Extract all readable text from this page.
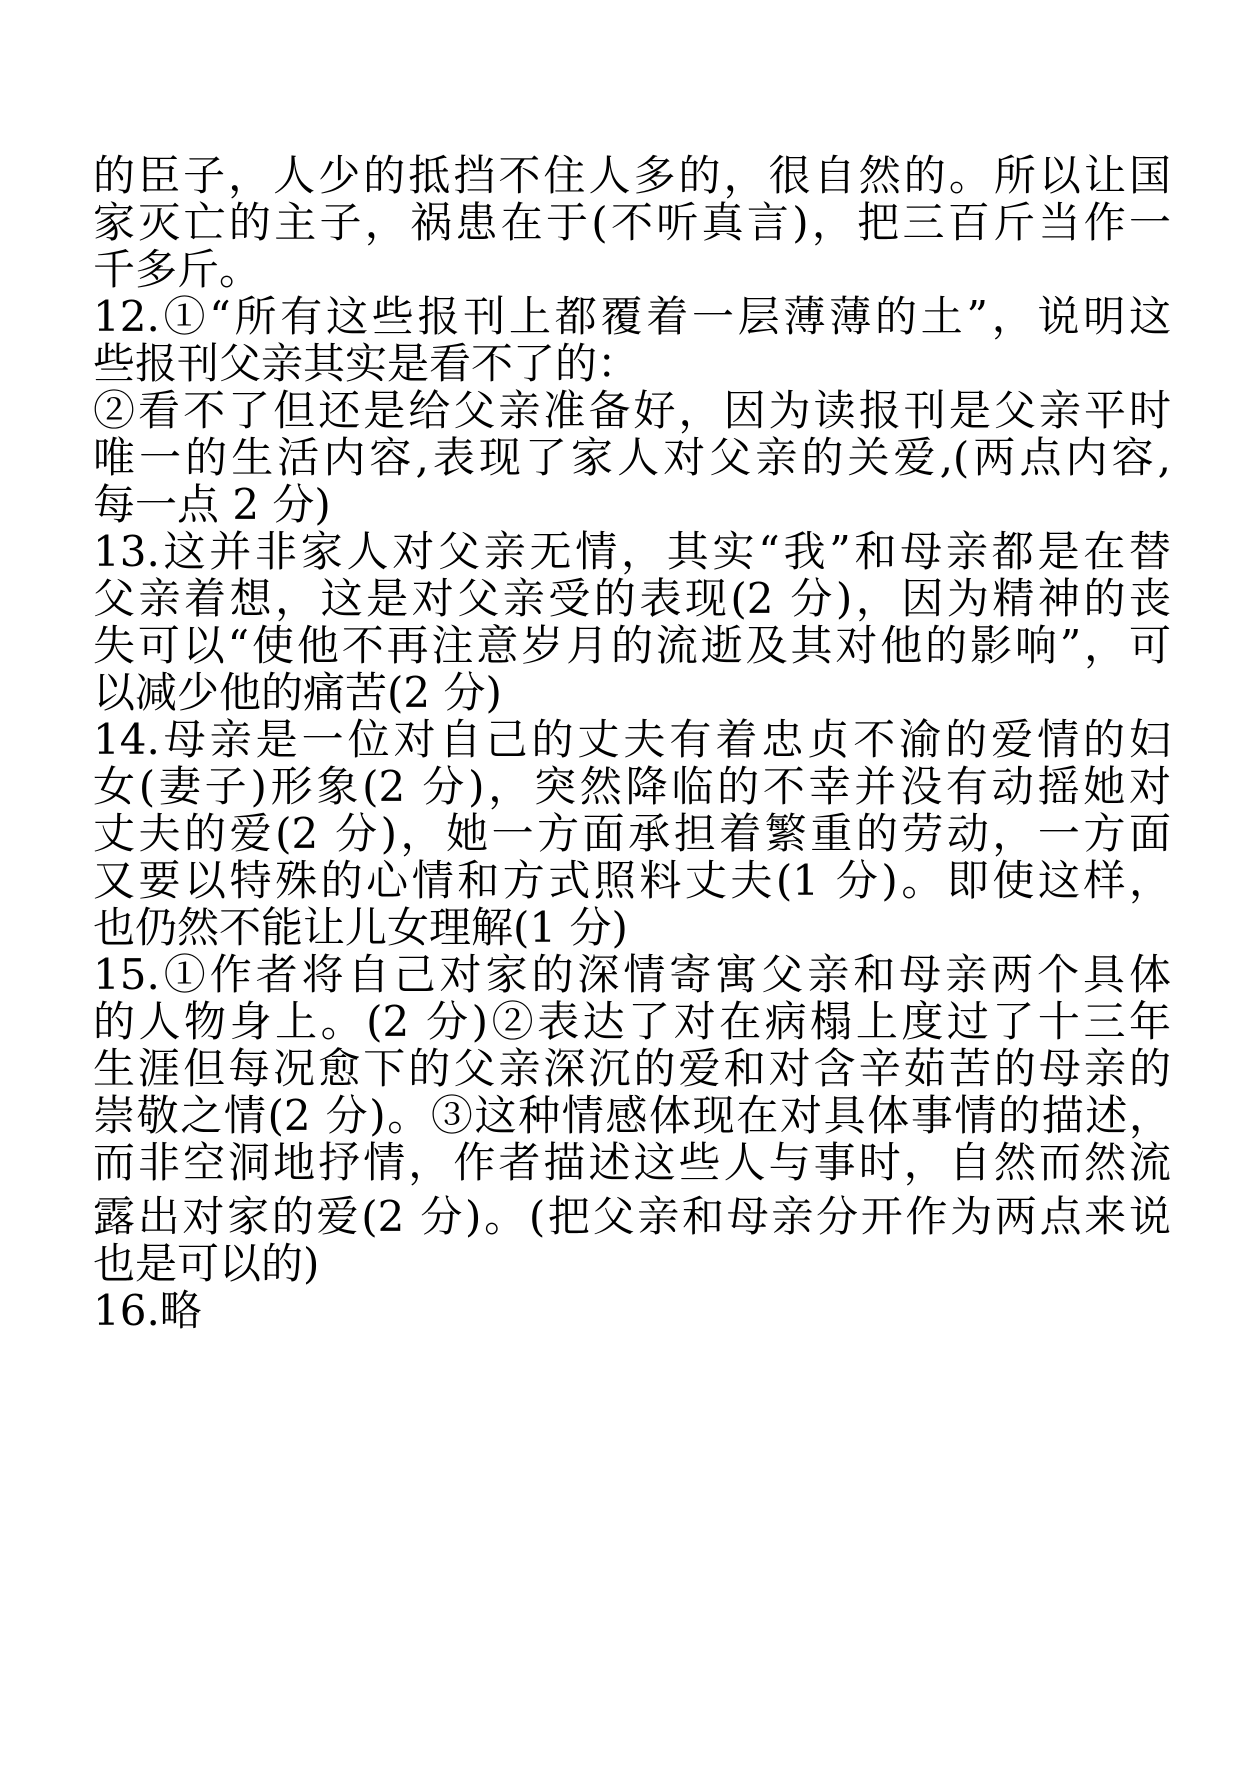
的臣子，人少的抵挡不住人多的，很自然的。所以让国
家灭亡的主子，祸患在于(不听真言)，把三百斤当作一
千多斤。
12.①“所有这些报刊上都覆着一层薄薄的土”，说明这
些报刊父亲其实是看不了的：
②看不了但还是给父亲准备好，因为读报刊是父亲平时
唯一的生活内容,表现了家人对父亲的关爱,(两点内容,
每一点 2 分)
13.这并非家人对父亲无情，其实“我”和母亲都是在替
父亲着想，这是对父亲受的表现(2 分)，因为精神的丧
失可以“使他不再注意岁月的流逝及其对他的影响”，可
以减少他的痛苦(2 分)
14.母亲是一位对自己的丈夫有着忠贞不渝的爱情的妇
女(妻子)形象(2 分)，突然降临的不幸并没有动摇她对
丈夫的爱(2 分)，她一方面承担着繁重的劳动，一方面
又要以特殊的心情和方式照料丈夫(1 分)。即使这样，
也仍然不能让儿女理解(1 分)
15.①作者将自己对家的深情寄寓父亲和母亲两个具体
的人物身上。(2 分)②表达了对在病榻上度过了十三年
生涯但每况愈下的父亲深沉的爱和对含辛茹苦的母亲的
崇敬之情(2 分)。③这种情感体现在对具体事情的描述，
而非空洞地抒情，作者描述这些人与事时，自然而然流
露出对家的爱(2 分)。(把父亲和母亲分开作为两点来说
也是可以的)
16.略
